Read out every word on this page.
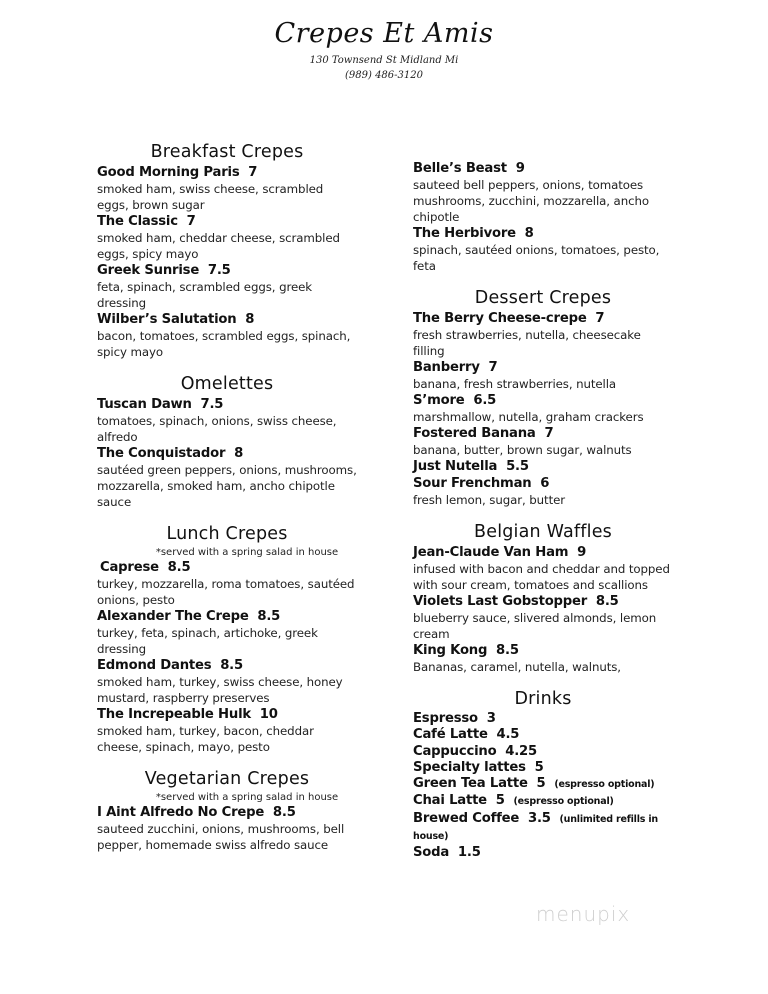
Crepes Et Amis
130 Townsend St Midland Mi
(989) 486-3120
Breakfast Crepes
Good Morning Paris 7
smoked ham, swiss cheese, scrambled eggs, brown sugar
The Classic 7
smoked ham, cheddar cheese, scrambled eggs, spicy mayo
Greek Sunrise 7.5
feta, spinach, scrambled eggs, greek dressing
Wilber’s Salutation 8
bacon, tomatoes, scrambled eggs, spinach, spicy mayo
Omelettes
Tuscan Dawn 7.5
tomatoes, spinach, onions, swiss cheese, alfredo
The Conquistador 8
sautéed green peppers, onions, mushrooms, mozzarella, smoked ham, ancho chipotle sauce
Lunch Crepes
*served with a spring salad in house
Caprese 8.5
turkey, mozzarella, roma tomatoes, sautéed onions, pesto
Alexander The Crepe 8.5
turkey, feta, spinach, artichoke, greek dressing
Edmond Dantes 8.5
smoked ham, turkey, swiss cheese, honey mustard, raspberry preserves
The Increpeable Hulk 10
smoked ham, turkey, bacon, cheddar cheese, spinach, mayo, pesto
Vegetarian Crepes
*served with a spring salad in house
I Aint Alfredo No Crepe 8.5
sauteed zucchini, onions, mushrooms, bell pepper, homemade swiss alfredo sauce
Belle’s Beast 9
sauteed bell peppers, onions, tomatoes mushrooms, zucchini, mozzarella, ancho chipotle
The Herbivore 8
spinach, sautéed onions, tomatoes, pesto, feta
Dessert Crepes
The Berry Cheese-crepe 7
fresh strawberries, nutella, cheesecake filling
Banberry 7
banana, fresh strawberries, nutella
S’more 6.5
marshmallow, nutella, graham crackers
Fostered Banana 7
banana, butter, brown sugar, walnuts
Just Nutella 5.5
Sour Frenchman 6
fresh lemon, sugar, butter
Belgian Waffles
Jean-Claude Van Ham 9
infused with bacon and cheddar and topped with sour cream, tomatoes and scallions
Violets Last Gobstopper 8.5
blueberry sauce, slivered almonds, lemon cream
King Kong 8.5
Bananas, caramel, nutella, walnuts,
Drinks
Espresso 3
Café Latte 4.5
Cappuccino 4.25
Specialty lattes 5
Green Tea Latte 5 (espresso optional)
Chai Latte 5 (espresso optional)
Brewed Coffee 3.5 (unlimited refills in house)
Soda 1.5
menupix
